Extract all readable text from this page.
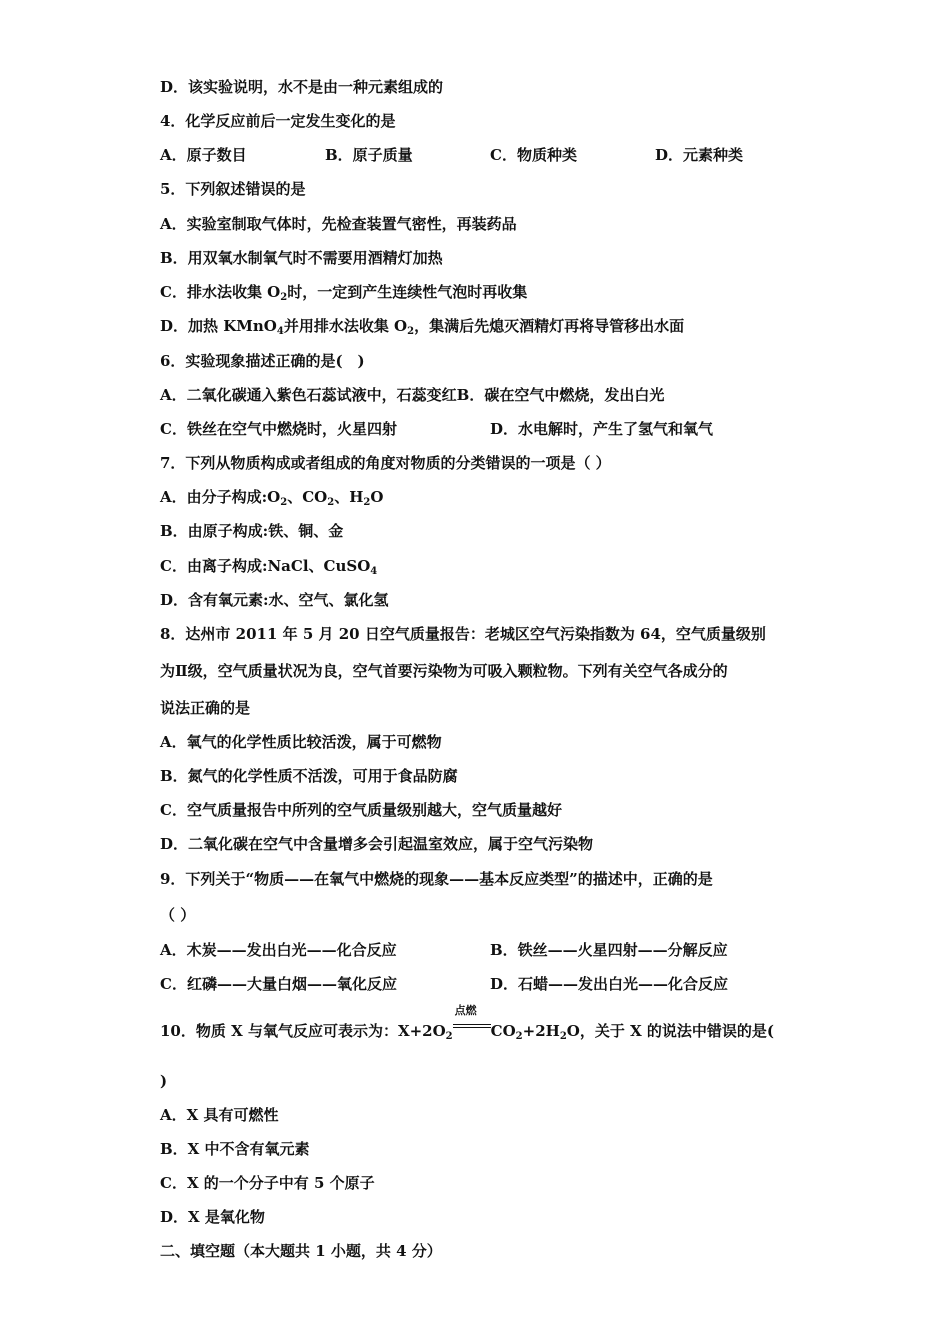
D．该实验说明，水不是由一种元素组成的
4．化学反应前后一定发生变化的是
A．原子数目	B．原子质量	C．物质种类	D．元素种类
5．下列叙述错误的是
A．实验室制取气体时，先检查装置气密性，再装药品
B．用双氧水制氧气时不需要用酒精灯加热
C．排水法收集 $O_2$时，一定到产生连续性气泡时再收集
D．加热 KMnO$_4$并用排水法收集 $O_2$，集满后先熄灭酒精灯再将导管移出水面
6．实验现象描述正确的是(　)
A．二氧化碳通入紫色石蕊试液中，石蕊变红B．碳在空气中燃烧，发出白光
C．铁丝在空气中燃烧时，火星四射	D．水电解时，产生了氢气和氧气
7．下列从物质构成或者组成的角度对物质的分类错误的一项是（ ）
A．由分子构成$:O_2$、$CO_2$、$H_2O$
B．由原子构成:铁、铜、金
C．由离子构成:NaCl、CuSO$_4$
D．含有氧元素:水、空气、氯化氢
8．达州市 2011 年 5 月 20 日空气质量报告：老城区空气污染指数为 64，空气质量级别
为Ⅱ级，空气质量状况为良，空气首要污染物为可吸入颗粒物。下列有关空气各成分的
说法正确的是
A．氧气的化学性质比较活泼，属于可燃物
B．氮气的化学性质不活泼，可用于食品防腐
C．空气质量报告中所列的空气质量级别越大，空气质量越好
D．二氧化碳在空气中含量增多会引起温室效应，属于空气污染物
9．下列关于“物质——在氧气中燃烧的现象——基本反应类型”的描述中，正确的是
（ ）
A．木炭——发出白光——化合反应	B．铁丝——火星四射——分解反应
C．红磷——大量白烟——氧化反应	D．石蜡——发出白光——化合反应
10．物质 X 与氧气反应可表示为：$X+2O_2$
点燃
$CO_2+2H_2O$，关于 X 的说法中错误的是(
)
A．X 具有可燃性
B．X 中不含有氧元素
C．X 的一个分子中有 5 个原子
D．X 是氧化物
二、填空题（本大题共 1 小题，共 4 分）
